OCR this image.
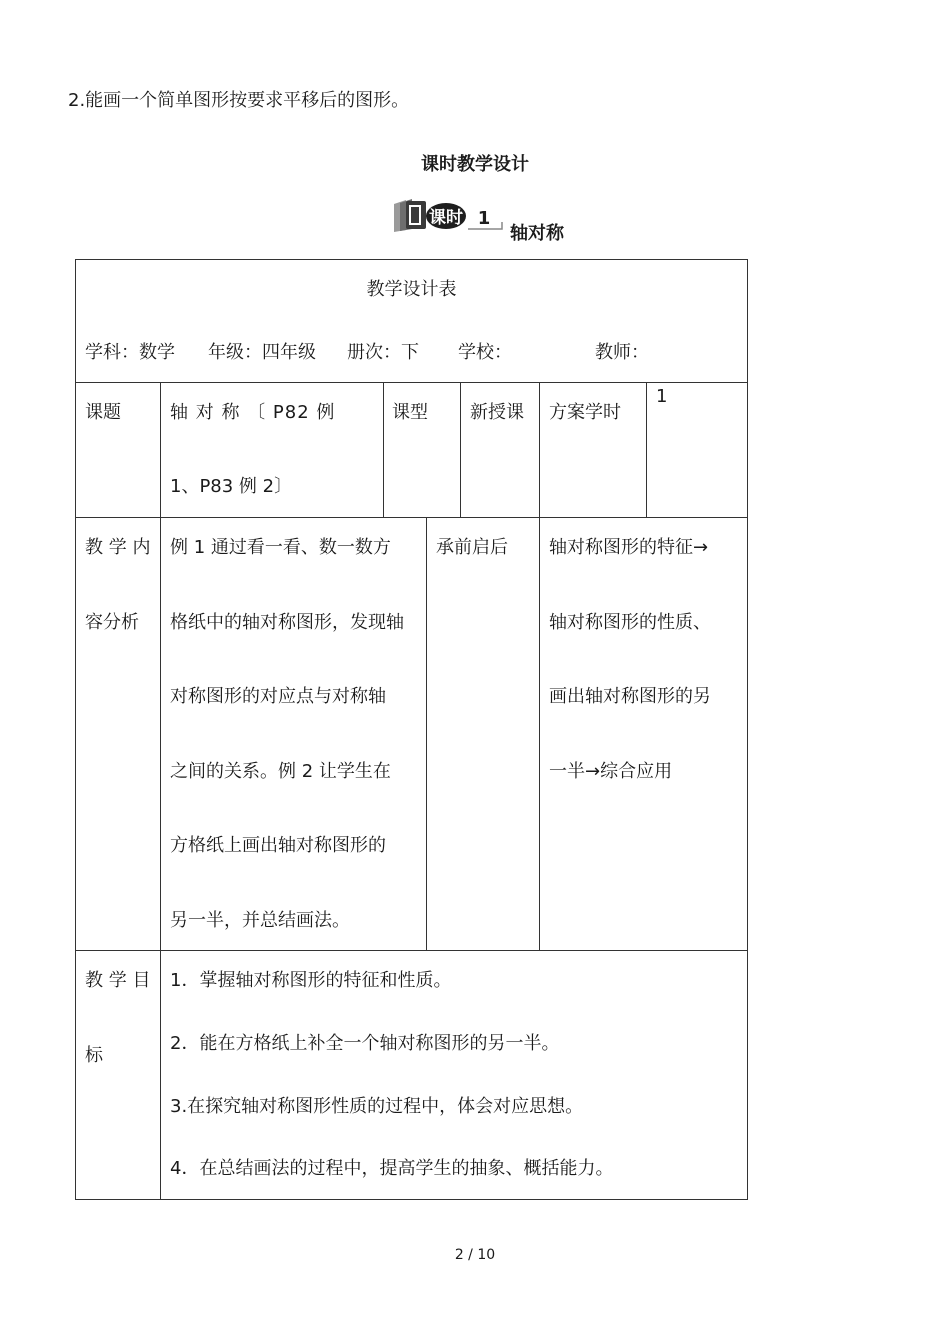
2.能画一个简单图形按要求平移后的图形。
课时教学设计
课时 1
轴对称
教学设计表
学科：数学 年级：四年级 册次：下 学校：	教师：
课题	轴 对 称 〔 P82 例
1、P83 例 2〕
课型 新授课 方案学时
1
教 学 内
容分析
例 1 通过看一看、数一数方
格纸中的轴对称图形，发现轴
对称图形的对应点与对称轴
之间的关系。例 2 让学生在
方格纸上画出轴对称图形的
另一半，并总结画法。
承前启后 轴对称图形的特征→
轴对称图形的性质、
画出轴对称图形的另
一半→综合应用
教 学 目
标
1．掌握轴对称图形的特征和性质。
2．能在方格纸上补全一个轴对称图形的另一半。
3.在探究轴对称图形性质的过程中，体会对应思想。
4．在总结画法的过程中，提高学生的抽象、概括能力。
2 / 10
